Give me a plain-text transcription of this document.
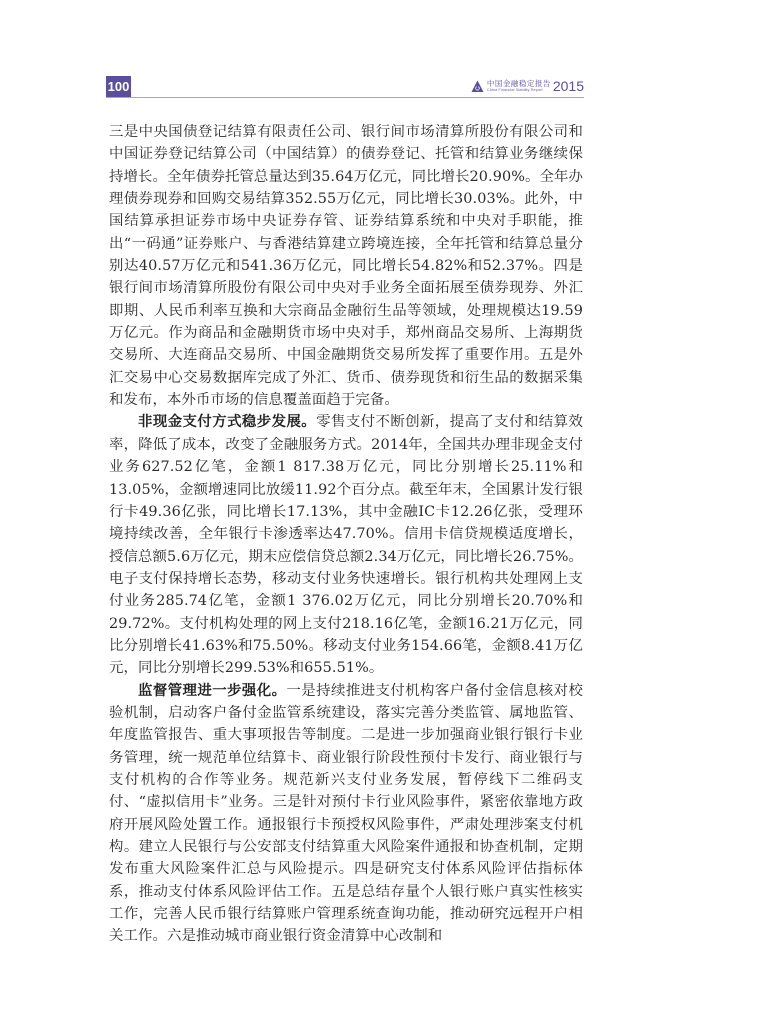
100	中国金融稳定报告
China Financial Stability Report 2015

三是中央国债登记结算有限责任公司、银行间市场清算所股份有限公司和中国证券登记结算公司（中国结算）的债券登记、托管和结算业务继续保持增长。全年债券托管总量达到35.64万亿元，同比增长20.90%。全年办理债券现券和回购交易结算352.55万亿元，同比增长30.03%。此外，中国结算承担证券市场中央证券存管、证券结算系统和中央对手职能，推出“一码通”证券账户、与香港结算建立跨境连接，全年托管和结算总量分别达40.57万亿元和541.36万亿元，同比增长54.82%和52.37%。四是银行间市场清算所股份有限公司中央对手业务全面拓展至债券现券、外汇即期、人民币利率互换和大宗商品金融衍生品等领域，处理规模达19.59万亿元。作为商品和金融期货市场中央对手，郑州商品交易所、上海期货交易所、大连商品交易所、中国金融期货交易所发挥了重要作用。五是外汇交易中心交易数据库完成了外汇、货币、债券现货和衍生品的数据采集和发布，本外币市场的信息覆盖面趋于完备。

非现金支付方式稳步发展。零售支付不断创新，提高了支付和结算效率，降低了成本，改变了金融服务方式。2014年，全国共办理非现金支付业务627.52亿笔，金额1 817.38万亿元，同比分别增长25.11%和13.05%，金额增速同比放缓11.92个百分点。截至年末，全国累计发行银行卡49.36亿张，同比增长17.13%，其中金融IC卡12.26亿张，受理环境持续改善，全年银行卡渗透率达47.70%。信用卡信贷规模适度增长，授信总额5.6万亿元，期末应偿信贷总额2.34万亿元，同比增长26.75%。电子支付保持增长态势，移动支付业务快速增长。银行机构共处理网上支付业务285.74亿笔，金额1 376.02万亿元，同比分别增长20.70%和29.72%。支付机构处理的网上支付218.16亿笔，金额16.21万亿元，同比分别增长41.63%和75.50%。移动支付业务154.66笔，金额8.41万亿元，同比分别增长299.53%和655.51%。

监督管理进一步强化。一是持续推进支付机构客户备付金信息核对校验机制，启动客户备付金监管系统建设，落实完善分类监管、属地监管、年度监管报告、重大事项报告等制度。二是进一步加强商业银行银行卡业务管理，统一规范单位结算卡、商业银行阶段性预付卡发行、商业银行与支付机构的合作等业务。规范新兴支付业务发展，暂停线下二维码支付、“虚拟信用卡”业务。三是针对预付卡行业风险事件，紧密依靠地方政府开展风险处置工作。通报银行卡预授权风险事件，严肃处理涉案支付机构。建立人民银行与公安部支付结算重大风险案件通报和协查机制，定期发布重大风险案件汇总与风险提示。四是研究支付体系风险评估指标体系，推动支付体系风险评估工作。五是总结存量个人银行账户真实性核实工作，完善人民币银行结算账户管理系统查询功能，推动研究远程开户相关工作。六是推动城市商业银行资金清算中心改制和
